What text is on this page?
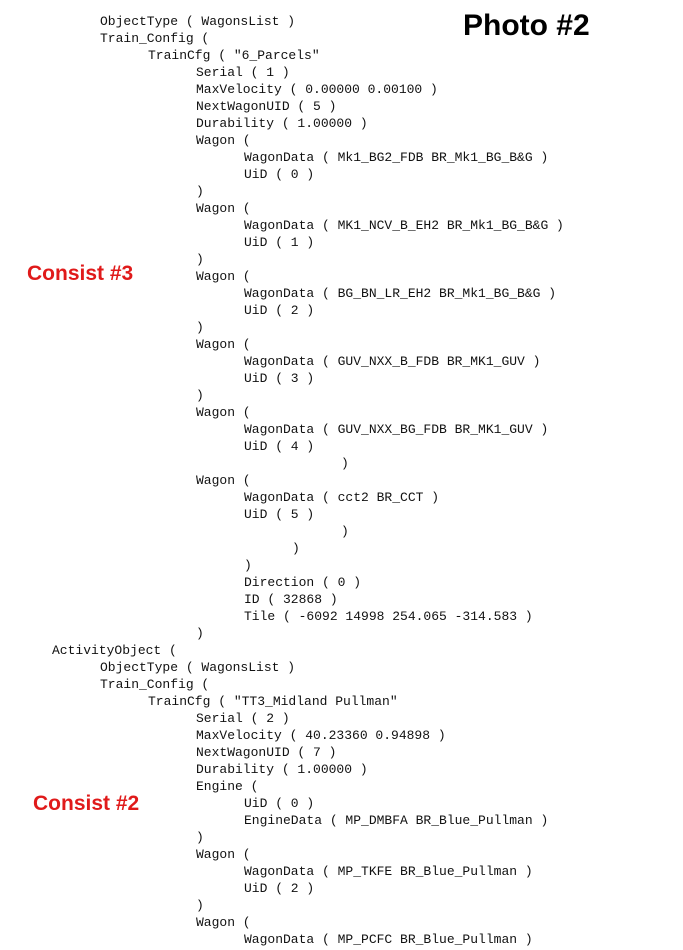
ObjectType ( WagonsList )
Train_Config (
TrainCfg ( "6_Parcels"
Serial ( 1 )
MaxVelocity ( 0.00000 0.00100 )
NextWagonUID ( 5 )
Durability ( 1.00000 )
Wagon (
WagonData ( Mk1_BG2_FDB BR_Mk1_BG_B&G )
UiD ( 0 )
)
Wagon (
WagonData ( MK1_NCV_B_EH2 BR_Mk1_BG_B&G )
UiD ( 1 )
)
Wagon (
WagonData ( BG_BN_LR_EH2 BR_Mk1_BG_B&G )
UiD ( 2 )
)
Wagon (
WagonData ( GUV_NXX_B_FDB BR_MK1_GUV )
UiD ( 3 )
)
Wagon (
WagonData ( GUV_NXX_BG_FDB BR_MK1_GUV )
UiD ( 4 )
)
Wagon (
WagonData ( cct2 BR_CCT )
UiD ( 5 )
)
)
)
Direction ( 0 )
ID ( 32868 )
Tile ( -6092 14998 254.065 -314.583 )
)
ActivityObject (
ObjectType ( WagonsList )
Train_Config (
TrainCfg ( "TT3_Midland Pullman"
Serial ( 2 )
MaxVelocity ( 40.23360 0.94898 )
NextWagonUID ( 7 )
Durability ( 1.00000 )
Engine (
UiD ( 0 )
EngineData ( MP_DMBFA BR_Blue_Pullman )
)
Wagon (
WagonData ( MP_TKFE BR_Blue_Pullman )
UiD ( 2 )
)
Wagon (
WagonData ( MP_PCFC BR_Blue_Pullman )
Photo #2
Consist #3
Consist #2
